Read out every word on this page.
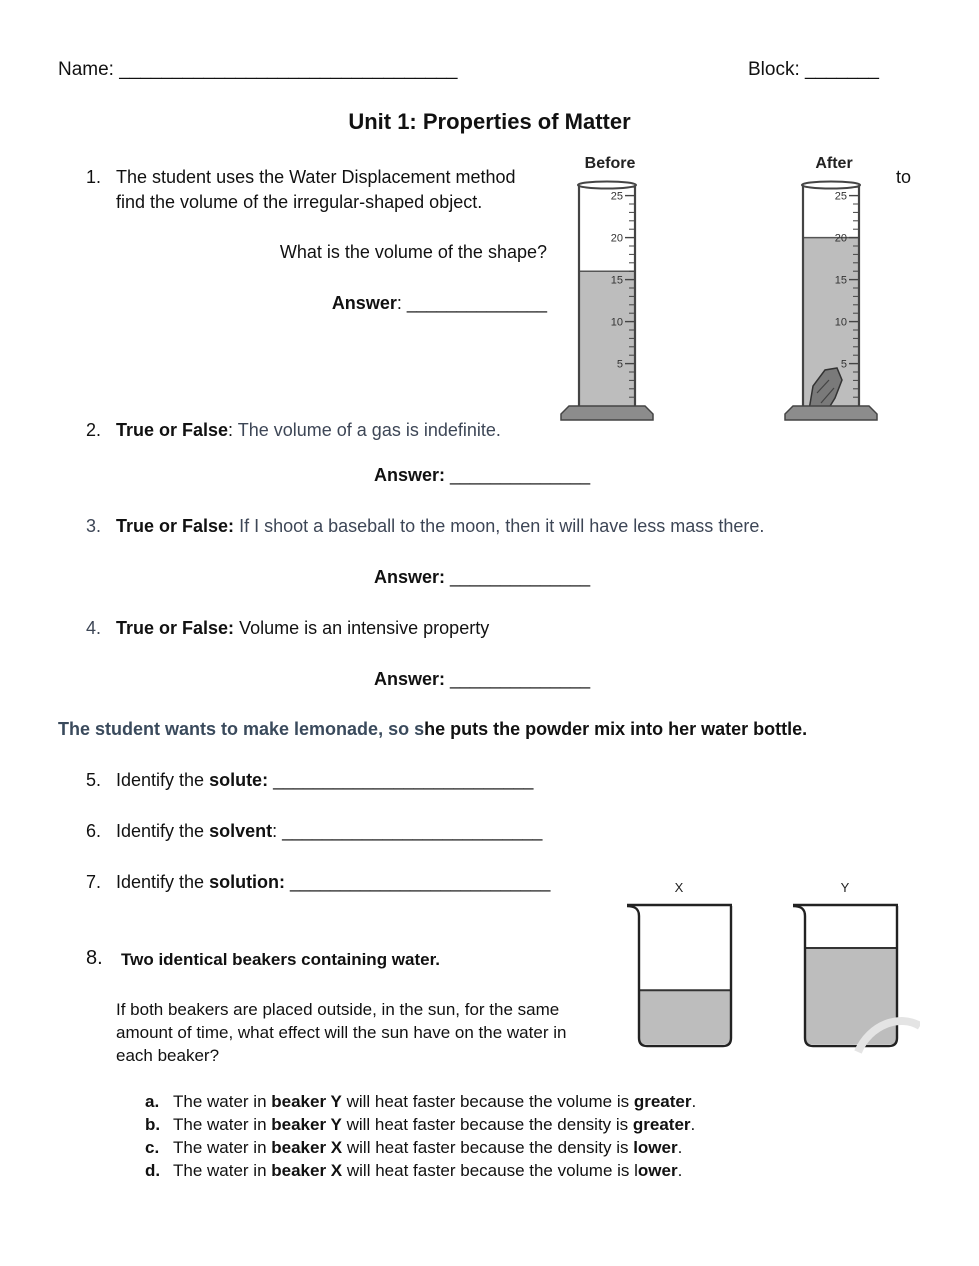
Name: ________________________________	Block: _______
Unit 1: Properties of Matter
1. The student uses the Water Displacement method	to
find the volume of the irregular-shaped object.
What is the volume of the shape?
Answer: ______________
Before
5
10
15
20
25
After
5
10
15
20
25
2. True or False: The volume of a gas is indefinite.
Answer: ______________
3. True or False: If I shoot a baseball to the moon, then it will have less mass there.
Answer: ______________
4. True or False: Volume is an intensive property
Answer: ______________
The student wants to make lemonade, so she puts the powder mix into her water bottle.
5. Identify the solute: __________________________
6. Identify the solvent: __________________________
7. Identify the solution: __________________________	X	Y
8. Two identical beakers containing water.
If both beakers are placed outside, in the sun, for the same
amount of time, what effect will the sun have on the water in
each beaker?
a. The water in beaker Y will heat faster because the volume is greater.
b. The water in beaker Y will heat faster because the density is greater.
c. The water in beaker X will heat faster because the density is lower.
d. The water in beaker X will heat faster because the volume is lower.
